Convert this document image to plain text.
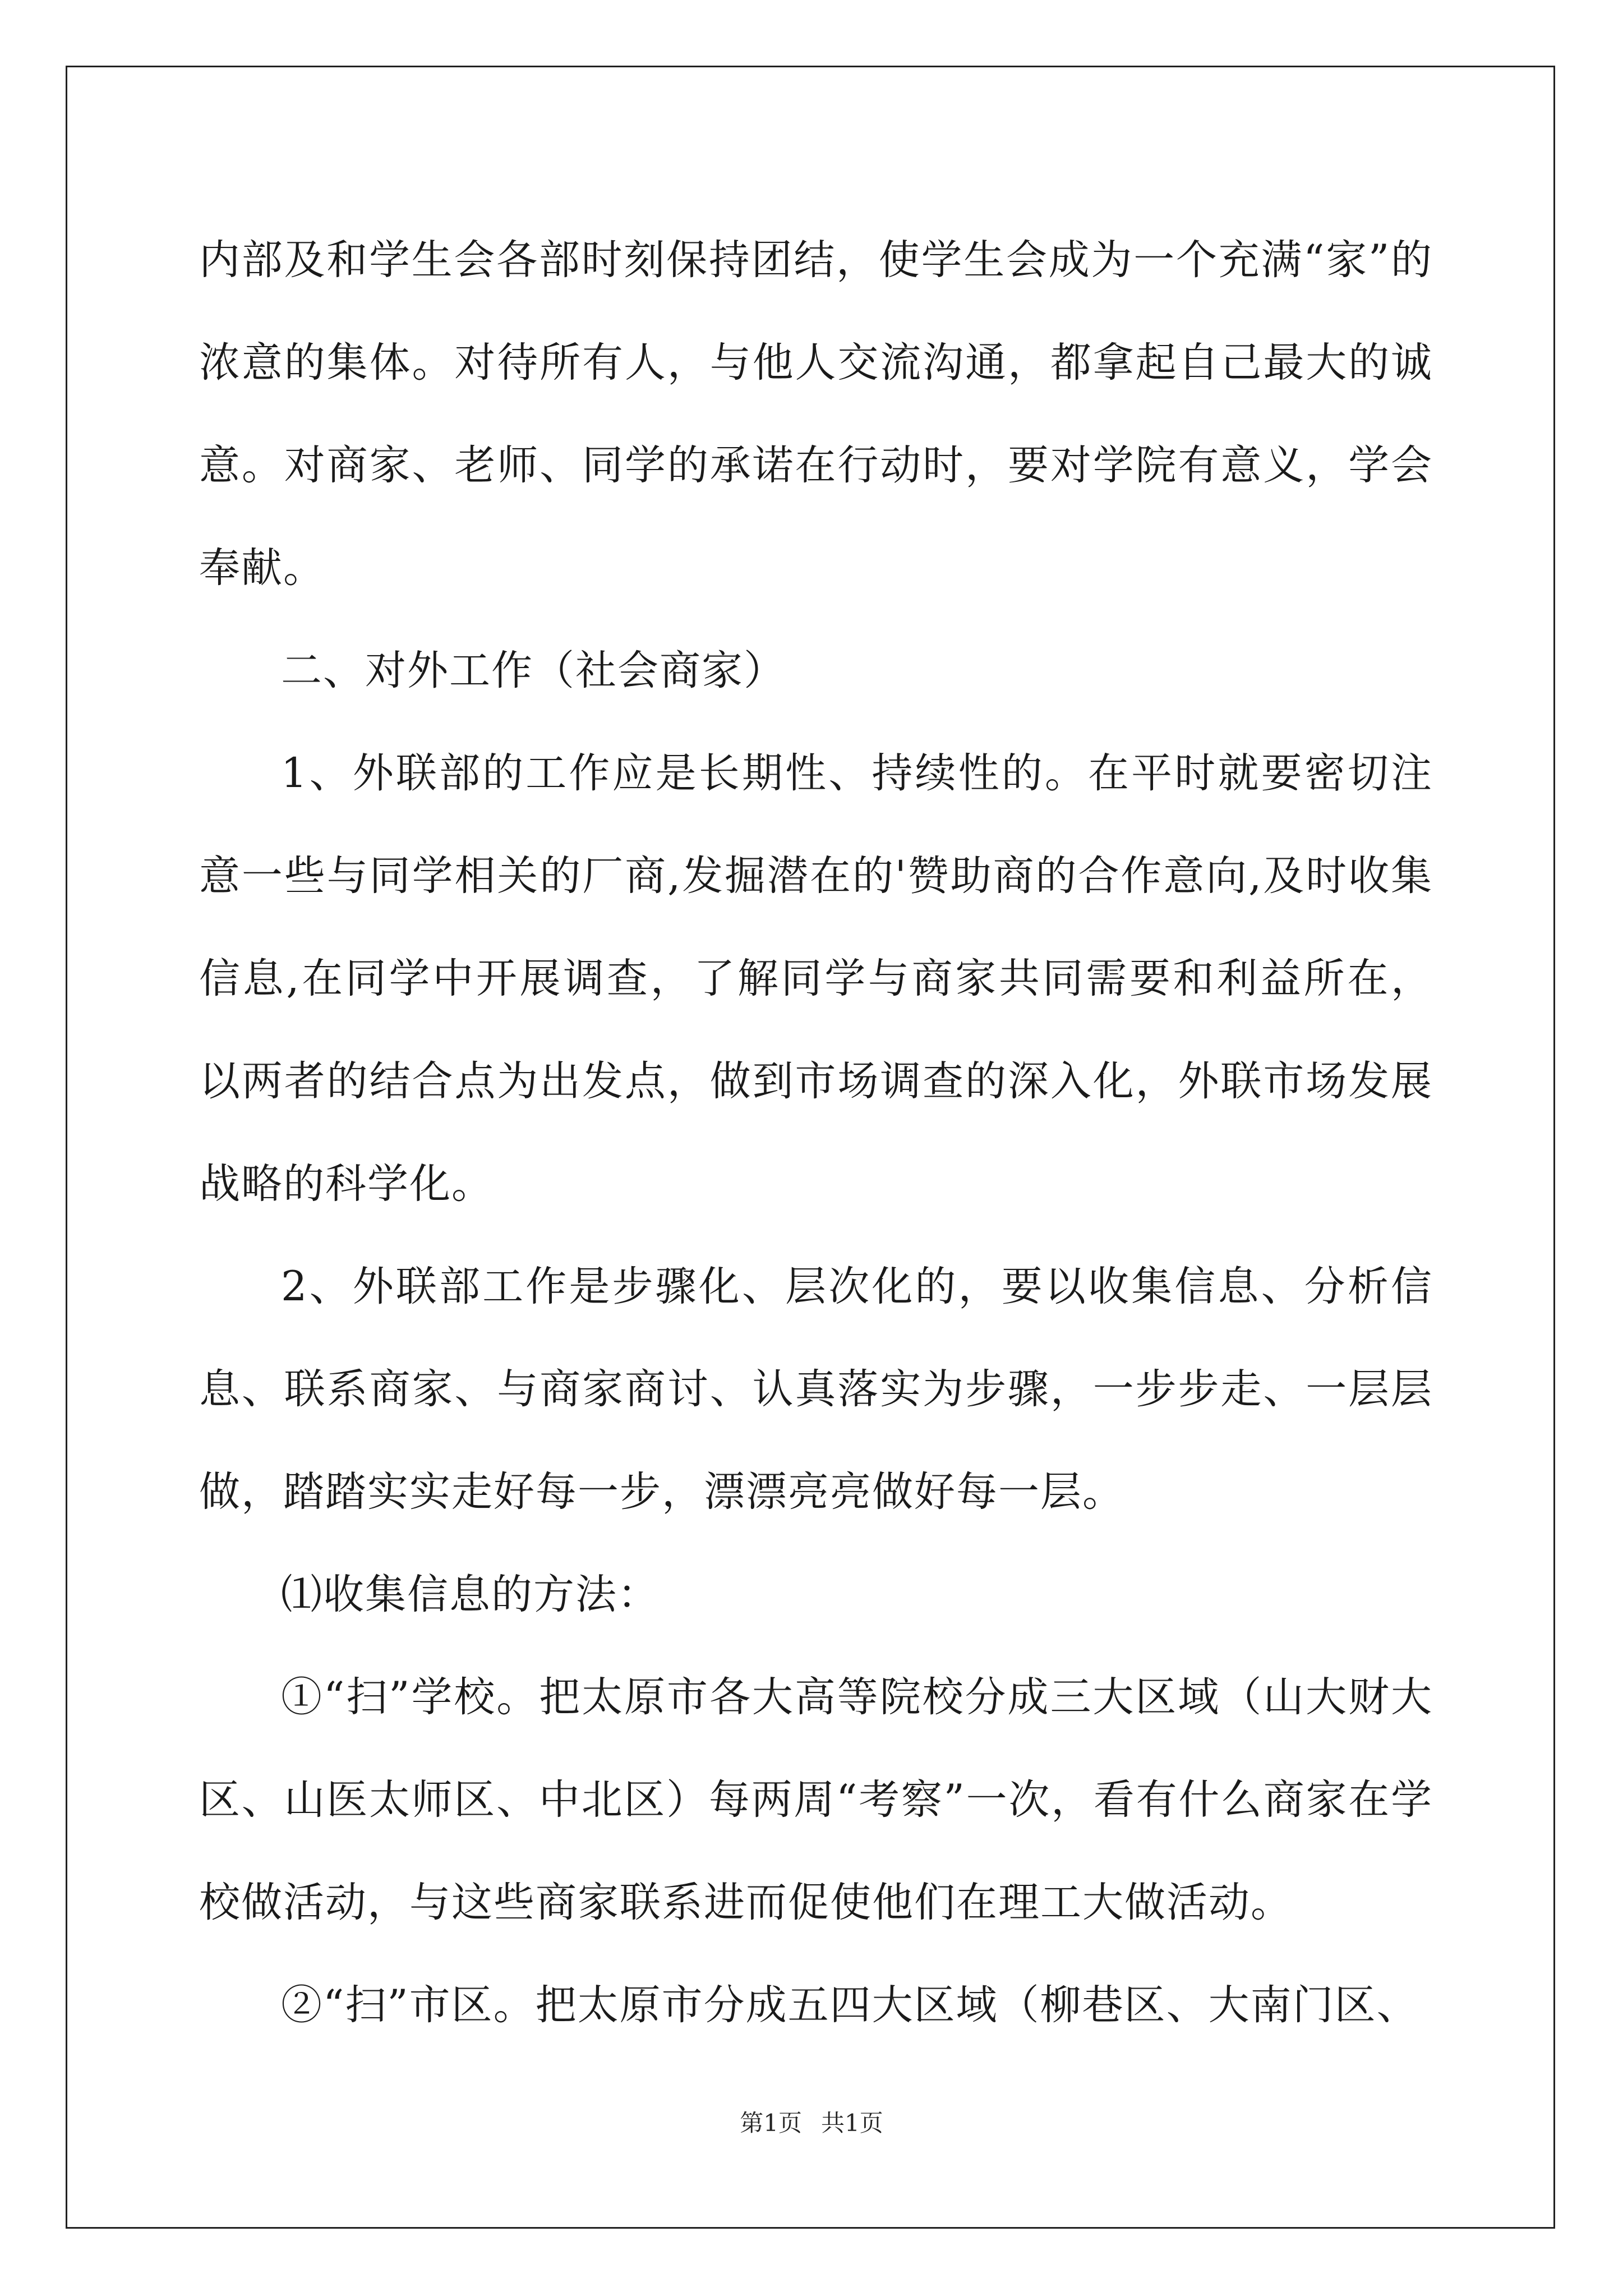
内部及和学生会各部时刻保持团结，使学生会成为一个充满“家”的浓意的集体。对待所有人，与他人交流沟通，都拿起自己最大的诚意。对商家、老师、同学的承诺在行动时，要对学院有意义，学会奉献。

二、对外工作（社会商家）

1、外联部的工作应是长期性、持续性的。在平时就要密切注意一些与同学相关的厂商,发掘潜在的'赞助商的合作意向,及时收集信息,在同学中开展调查，了解同学与商家共同需要和利益所在，以两者的结合点为出发点，做到市场调查的深入化，外联市场发展战略的科学化。

2、外联部工作是步骤化、层次化的，要以收集信息、分析信息、联系商家、与商家商讨、认真落实为步骤，一步步走、一层层做，踏踏实实走好每一步，漂漂亮亮做好每一层。

⑴收集信息的方法：

①“扫”学校。把太原市各大高等院校分成三大区域（山大财大区、山医太师区、中北区）每两周“考察”一次，看有什么商家在学校做活动，与这些商家联系进而促使他们在理工大做活动。

②“扫”市区。把太原市分成五四大区域（柳巷区、大南门区、

第1页 共1页
